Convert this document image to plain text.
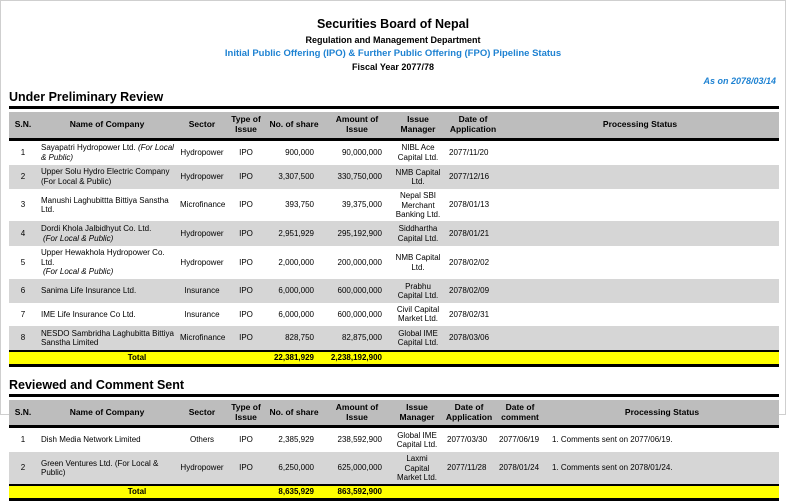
Securities Board of Nepal
Regulation and Management Department
Initial Public Offering (IPO) & Further Public Offering (FPO) Pipeline Status
Fiscal Year 2077/78
As on 2078/03/14
Under Preliminary Review
S.N.	Name of Company	Sector	Type of Issue	No. of share	Amount of Issue	Issue Manager	Date of Application	Processing Status
1	Sayapatri Hydropower Ltd. (For Local & Public)	Hydropower	IPO	900,000	90,000,000	NIBL Ace Capital Ltd.	2077/11/20	
2	Upper Solu Hydro Electric Company (For Local & Public)	Hydropower	IPO	3,307,500	330,750,000	NMB Capital Ltd.	2077/12/16	
3	Manushi Laghubittta Bittiya Sanstha Ltd.	Microfinance	IPO	393,750	39,375,000	Nepal SBI Merchant Banking Ltd.	2078/01/13	
4	Dordi Khola Jalbidhyut Co. Ltd.
(For Local & Public)	Hydropower	IPO	2,951,929	295,192,900	Siddhartha Capital Ltd.	2078/01/21	
5	Upper Hewakhola Hydropower Co. Ltd.
(For Local & Public)	Hydropower	IPO	2,000,000	200,000,000	NMB Capital Ltd.	2078/02/02	
6	Sanima Life Insurance Ltd.	Insurance	IPO	6,000,000	600,000,000	Prabhu Capital Ltd.	2078/02/09	
7	IME Life Insurance Co Ltd.	Insurance	IPO	6,000,000	600,000,000	Civil Capital Market Ltd.	2078/02/31	
8	NESDO Sambridha Laghubitta Bittiya Sanstha Limited	Microfinance	IPO	828,750	82,875,000	Global IME Capital Ltd.	2078/03/06	
Total				22,381,929	2,238,192,900			
Reviewed and Comment Sent
S.N.	Name of Company	Sector	Type of Issue	No. of share	Amount of Issue	Issue Manager	Date of Application	Date of comment	Processing Status
1	Dish Media Network Limited	Others	IPO	2,385,929	238,592,900	Global IME Capital Ltd.	2077/03/30	2077/06/19	1. Comments sent on 2077/06/19.
2	Green Ventures Ltd. (For Local & Public)	Hydropower	IPO	6,250,000	625,000,000	Laxmi Capital Market Ltd.	2077/11/28	2078/01/24	1. Comments sent on 2078/01/24.
Total				8,635,929	863,592,900				
